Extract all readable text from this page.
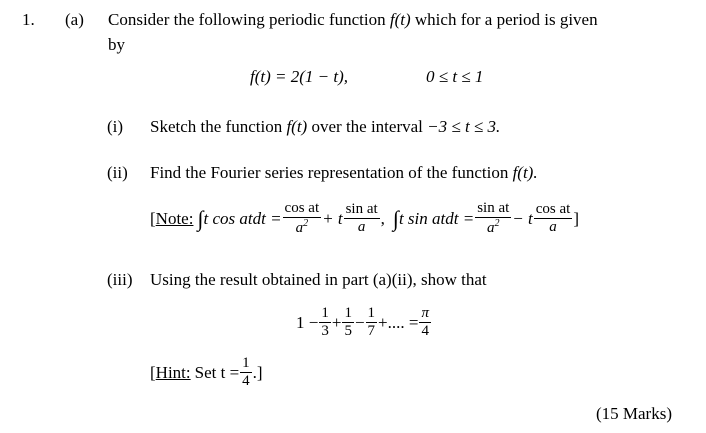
1. (a) Consider the following periodic function f(t) which for a period is given
by
f(t) = 2(1 − t),	0 ≤ t ≤ 1
(i) Sketch the function f(t) over the interval −3 ≤ t ≤ 3.
(ii) Find the Fourier series representation of the function f(t).
[ Note: ∫ t cos atdt = $\frac{\text{cos at}}{a^2} + t \frac{\text{sin at}}{a}$ , ∫ t sin atdt = $\frac{\text{sin at}}{a^2} - t \frac{\text{cos at}}{a}$ ]
(iii) Using the result obtained in part (a)(ii), show that
$1 - \frac{1}{3} + \frac{1}{5} - \frac{1}{7}$ +.... = $\frac{\pi}{4}$
[ Hint: Set $t = \frac{1}{4}$ .]
(15 Marks)
